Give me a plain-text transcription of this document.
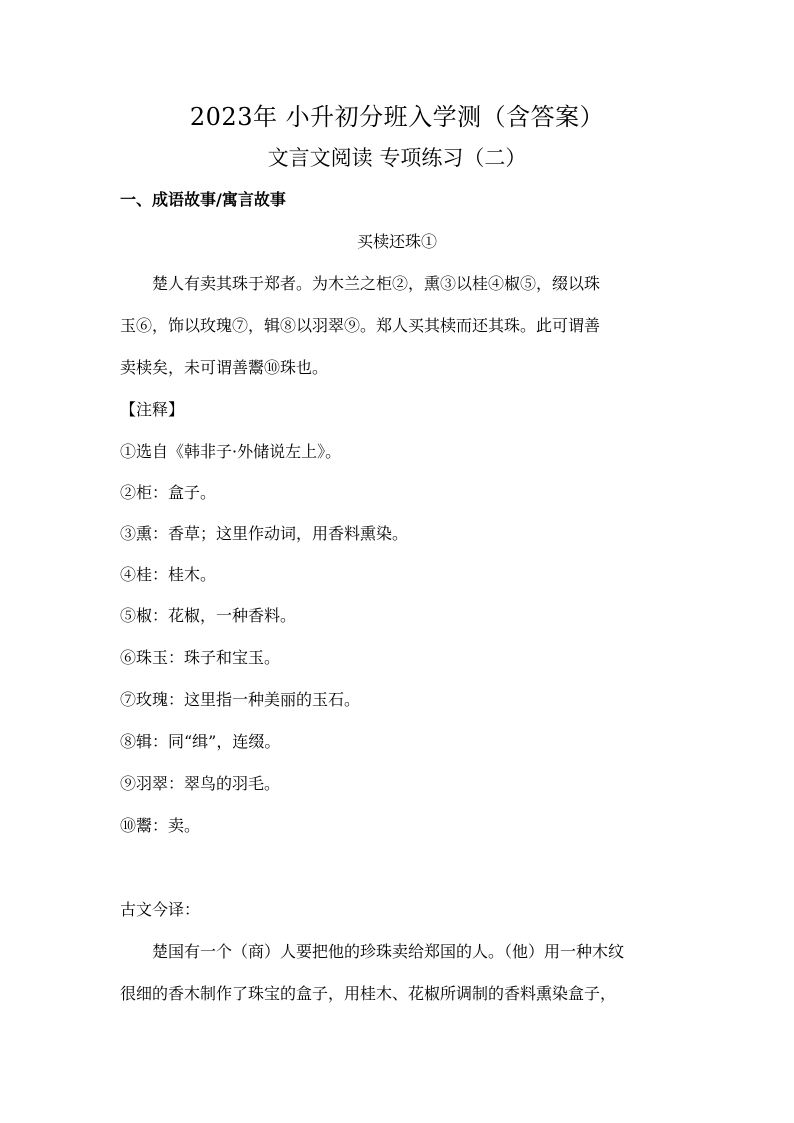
2023年 小升初分班入学测（含答案）
文言文阅读 专项练习（二）
一、成语故事/寓言故事
买椟还珠①
楚人有卖其珠于郑者。为木兰之柜②，熏③以桂④椒⑤，缀以珠
玉⑥，饰以玫瑰⑦，辑⑧以羽翠⑨。郑人买其椟而还其珠。此可谓善
卖椟矣，未可谓善鬻⑩珠也。
【注释】
①选自《韩非子·外储说左上》。
②柜：盒子。
③熏：香草；这里作动词，用香料熏染。
④桂：桂木。
⑤椒：花椒，一种香料。
⑥珠玉：珠子和宝玉。
⑦玫瑰：这里指一种美丽的玉石。
⑧辑：同“缉”，连缀。
⑨羽翠：翠鸟的羽毛。
⑩鬻：卖。
古文今译：
楚国有一个（商）人要把他的珍珠卖给郑国的人。（他）用一种木纹
很细的香木制作了珠宝的盒子，用桂木、花椒所调制的香料熏染盒子，
